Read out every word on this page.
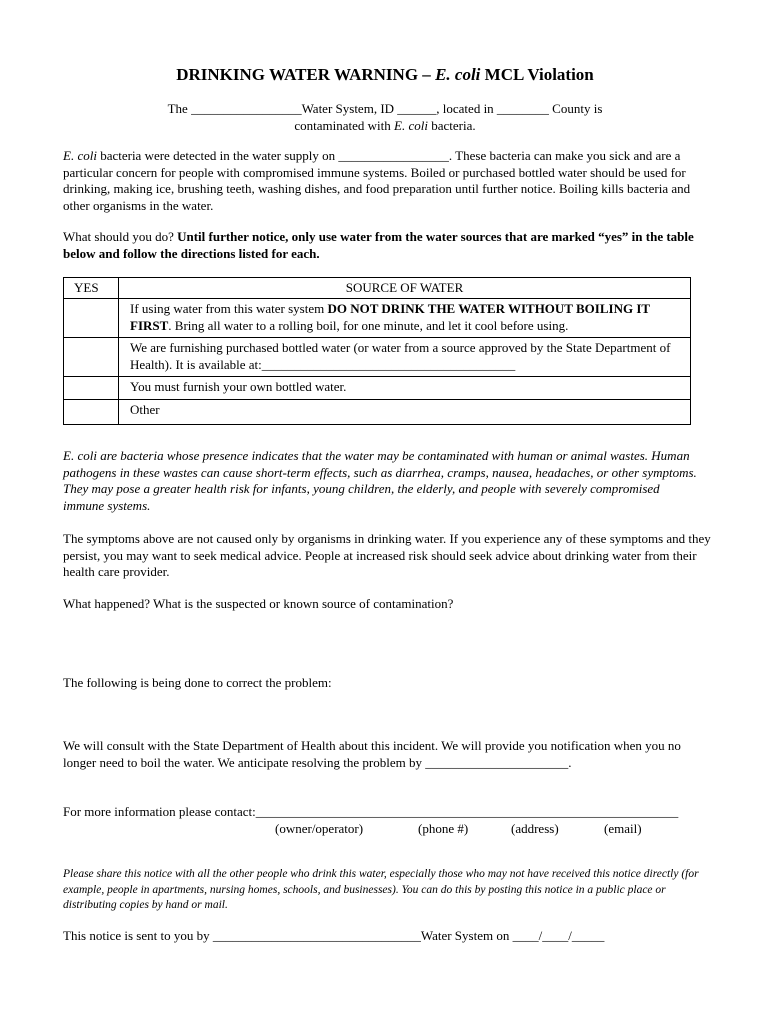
DRINKING WATER WARNING – E. coli MCL Violation
The _________________Water System, ID ______, located in ________ County is
contaminated with E. coli bacteria.
E. coli bacteria were detected in the water supply on _________________. These bacteria can make you sick and are a particular concern for people with compromised immune systems. Boiled or purchased bottled water should be used for drinking, making ice, brushing teeth, washing dishes, and food preparation until further notice. Boiling kills bacteria and other organisms in the water.
What should you do? Until further notice, only use water from the water sources that are marked “yes” in the table below and follow the directions listed for each.
YES	SOURCE OF WATER
	If using water from this water system DO NOT DRINK THE WATER WITHOUT BOILING IT FIRST. Bring all water to a rolling boil, for one minute, and let it cool before using.
	We are furnishing purchased bottled water (or water from a source approved by the State Department of Health). It is available at:_______________________________________
	You must furnish your own bottled water.
	Other
E. coli are bacteria whose presence indicates that the water may be contaminated with human or animal wastes. Human pathogens in these wastes can cause short-term effects, such as diarrhea, cramps, nausea, headaches, or other symptoms. They may pose a greater health risk for infants, young children, the elderly, and people with severely compromised immune systems.
The symptoms above are not caused only by organisms in drinking water. If you experience any of these symptoms and they persist, you may want to seek medical advice. People at increased risk should seek advice about drinking water from their health care provider.
What happened? What is the suspected or known source of contamination?
The following is being done to correct the problem:
We will consult with the State Department of Health about this incident. We will provide you notification when you no longer need to boil the water. We anticipate resolving the problem by ______________________.
For more information please contact:_________________________________________________________________
(owner/operator)	(phone #)	(address)	(email)
Please share this notice with all the other people who drink this water, especially those who may not have received this notice directly (for example, people in apartments, nursing homes, schools, and businesses). You can do this by posting this notice in a public place or distributing copies by hand or mail.
This notice is sent to you by ________________________________Water System on ____/____/_____
